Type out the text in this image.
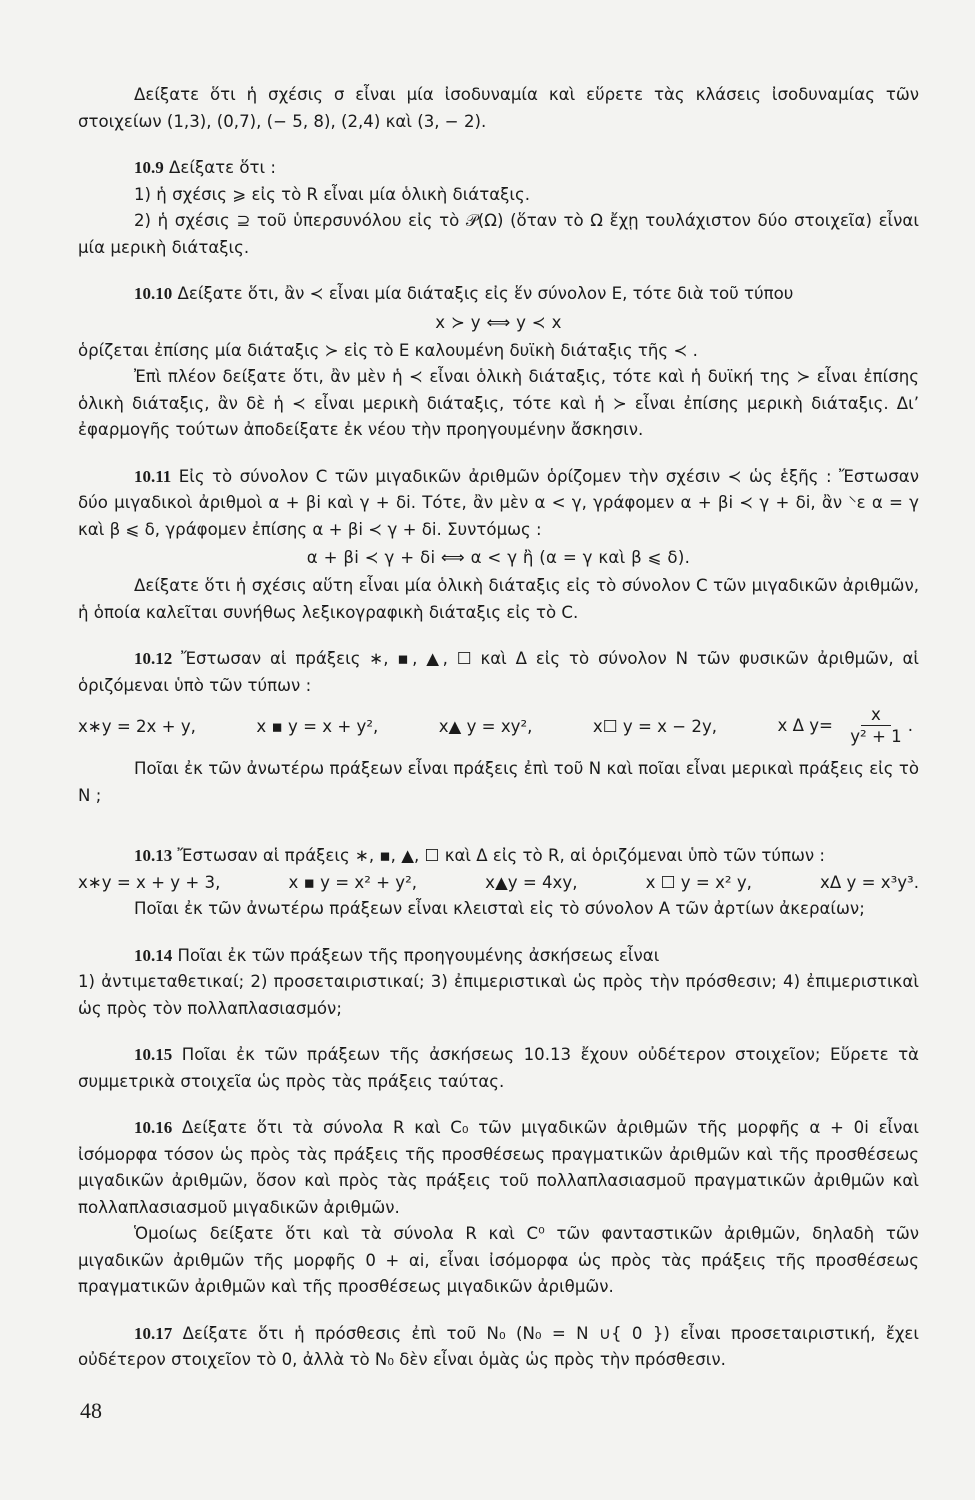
Δείξατε ὅτι ἡ σχέσις σ εἶναι μία ἰσοδυναμία καὶ εὕρετε τὰς κλάσεις ἰσοδυναμίας τῶν στοιχείων (1,3), (0,7), (− 5, 8), (2,4) καὶ (3, − 2).

10.9 Δείξατε ὅτι :

1) ἡ σχέσις ⩾ εἰς τὸ R εἶναι μία ὁλικὴ διάταξις.

2) ἡ σχέσις ⊇ τοῦ ὑπερσυνόλου εἰς τὸ 𝒫(Ω) (ὅταν τὸ Ω ἔχῃ τουλάχιστον δύο στοιχεῖα) εἶναι μία μερικὴ διάταξις.

10.10 Δείξατε ὅτι, ἂν ≺ εἶναι μία διάταξις εἰς ἕν σύνολον E, τότε διὰ τοῦ τύπου

x ≻ y ⟺ y ≺ x

ὁρίζεται ἐπίσης μία διάταξις ≻ εἰς τὸ E καλουμένη δυϊκὴ διάταξις τῆς ≺ .

Ἐπὶ πλέον δείξατε ὅτι, ἂν μὲν ἡ ≺ εἶναι ὁλικὴ διάταξις, τότε καὶ ἡ δυϊκή της ≻ εἶναι ἐπίσης ὁλικὴ διάταξις, ἂν δὲ ἡ ≺ εἶναι μερικὴ διάταξις, τότε καὶ ἡ ≻ εἶναι ἐπίσης μερικὴ διάταξις. Δι’ ἐφαρμογῆς τούτων ἀποδείξατε ἐκ νέου τὴν προηγουμένην ἄσκησιν.

10.11 Εἰς τὸ σύνολον C τῶν μιγαδικῶν ἀριθμῶν ὁρίζομεν τὴν σχέσιν ≺ ὡς ἑξῆς : Ἔστωσαν δύο μιγαδικοὶ ἀριθμοὶ α + βi καὶ γ + δi. Τότε, ἂν μὲν α < γ, γράφομεν α + βi ≺ γ + δi, ἂν ⸌ε α = γ καὶ β ⩽ δ, γράφομεν ἐπίσης α + βi ≺ γ + δi. Συντόμως :

α + βi ≺ γ + δi ⟺ α < γ ἢ (α = γ καὶ β ⩽ δ).

Δείξατε ὅτι ἡ σχέσις αὕτη εἶναι μία ὁλικὴ διάταξις εἰς τὸ σύνολον C τῶν μιγαδικῶν ἀριθμῶν, ἡ ὁποία καλεῖται συνήθως λεξικογραφικὴ διάταξις εἰς τὸ C.

10.12 Ἔστωσαν αἱ πράξεις ∗, ▪, ▲, ☐ καὶ Δ εἰς τὸ σύνολον N τῶν φυσικῶν ἀριθμῶν, αἱ ὁριζόμεναι ὑπὸ τῶν τύπων :

x∗y = 2x + y,	x ▪ y = x + y²,	x▲ y = xy²,	x☐ y = x − 2y,	x Δ $y= \frac{x}{\text{y² + 1}}$ .

Ποῖαι ἐκ τῶν ἀνωτέρω πράξεων εἶναι πράξεις ἐπὶ τοῦ N καὶ ποῖαι εἶναι μερικαὶ πράξεις εἰς τὸ N ;

10.13 Ἔστωσαν αἱ πράξεις ∗, ▪, ▲, ☐ καὶ Δ εἰς τὸ R, αἱ ὁριζόμεναι ὑπὸ τῶν τύπων :

x∗y = x + y + 3,	x ▪ y = x² + y²,	x▲y = 4xy,	x ☐ y = x² y,	xΔ y = x³y³.

Ποῖαι ἐκ τῶν ἀνωτέρω πράξεων εἶναι κλεισταὶ εἰς τὸ σύνολον A τῶν ἀρτίων ἀκεραίων;

10.14 Ποῖαι ἐκ τῶν πράξεων τῆς προηγουμένης ἀσκήσεως εἶναι

1) ἀντιμεταθετικαί; 2) προσεταιριστικαί; 3) ἐπιμεριστικαὶ ὡς πρὸς τὴν πρόσθεσιν; 4) ἐπιμεριστικαὶ ὡς πρὸς τὸν πολλαπλασιασμόν;

10.15 Ποῖαι ἐκ τῶν πράξεων τῆς ἀσκήσεως 10.13 ἔχουν οὐδέτερον στοιχεῖον; Εὕρετε τὰ συμμετρικὰ στοιχεῖα ὡς πρὸς τὰς πράξεις ταύτας.

10.16 Δείξατε ὅτι τὰ σύνολα R καὶ C₀ τῶν μιγαδικῶν ἀριθμῶν τῆς μορφῆς α + 0i εἶναι ἰσόμορφα τόσον ὡς πρὸς τὰς πράξεις τῆς προσθέσεως πραγματικῶν ἀριθμῶν καὶ τῆς προσθέσεως μιγαδικῶν ἀριθμῶν, ὅσον καὶ πρὸς τὰς πράξεις τοῦ πολλαπλασιασμοῦ πραγματικῶν ἀριθμῶν καὶ πολλαπλασιασμοῦ μιγαδικῶν ἀριθμῶν.

Ὁμοίως δείξατε ὅτι καὶ τὰ σύνολα R καὶ C⁰ τῶν φανταστικῶν ἀριθμῶν, δηλαδὴ τῶν μιγαδικῶν ἀριθμῶν τῆς μορφῆς 0 + αi, εἶναι ἰσόμορφα ὡς πρὸς τὰς πράξεις τῆς προσθέσεως πραγματικῶν ἀριθμῶν καὶ τῆς προσθέσεως μιγαδικῶν ἀριθμῶν.

10.17 Δείξατε ὅτι ἡ πρόσθεσις ἐπὶ τοῦ N₀ (N₀ = N ∪{ 0 }) εἶναι προσεταιριστική, ἔχει οὐδέτερον στοιχεῖον τὸ 0, ἀλλὰ τὸ N₀ δὲν εἶναι ὁμὰς ὡς πρὸς τὴν πρόσθεσιν.

48
